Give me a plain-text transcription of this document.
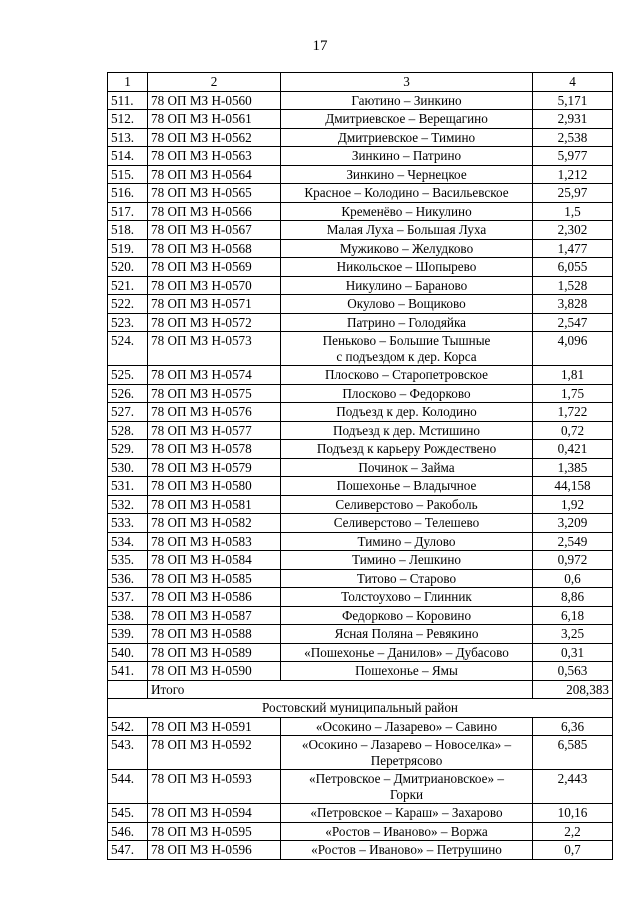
17
1	2	3	4
511.	78 ОП МЗ Н-0560	Гаютино – Зинкино	5,171
512.	78 ОП МЗ Н-0561	Дмитриевское – Верещагино	2,931
513.	78 ОП МЗ Н-0562	Дмитриевское – Тимино	2,538
514.	78 ОП МЗ Н-0563	Зинкино – Патрино	5,977
515.	78 ОП МЗ Н-0564	Зинкино – Чернецкое	1,212
516.	78 ОП МЗ Н-0565	Красное – Колодино – Васильевское	25,97
517.	78 ОП МЗ Н-0566	Кременёво – Никулино	1,5
518.	78 ОП МЗ Н-0567	Малая Луха – Большая Луха	2,302
519.	78 ОП МЗ Н-0568	Мужиково – Желудково	1,477
520.	78 ОП МЗ Н-0569	Никольское – Шопырево	6,055
521.	78 ОП МЗ Н-0570	Никулино – Бараново	1,528
522.	78 ОП МЗ Н-0571	Окулово – Вощиково	3,828
523.	78 ОП МЗ Н-0572	Патрино – Голодяйка	2,547
524.	78 ОП МЗ Н-0573	Пеньково – Большие Тышные
с подъездом к дер. Корса	4,096
525.	78 ОП МЗ Н-0574	Плосково – Старопетровское	1,81
526.	78 ОП МЗ Н-0575	Плосково – Федорково	1,75
527.	78 ОП МЗ Н-0576	Подъезд к дер. Колодино	1,722
528.	78 ОП МЗ Н-0577	Подъезд к дер. Мстишино	0,72
529.	78 ОП МЗ Н-0578	Подъезд к карьеру Рождествено	0,421
530.	78 ОП МЗ Н-0579	Починок – Займа	1,385
531.	78 ОП МЗ Н-0580	Пошехонье – Владычное	44,158
532.	78 ОП МЗ Н-0581	Селиверстово – Ракоболь	1,92
533.	78 ОП МЗ Н-0582	Селиверстово – Телешево	3,209
534.	78 ОП МЗ Н-0583	Тимино – Дулово	2,549
535.	78 ОП МЗ Н-0584	Тимино – Лешкино	0,972
536.	78 ОП МЗ Н-0585	Титово – Старово	0,6
537.	78 ОП МЗ Н-0586	Толстоухово – Глинник	8,86
538.	78 ОП МЗ Н-0587	Федорково – Коровино	6,18
539.	78 ОП МЗ Н-0588	Ясная Поляна – Ревякино	3,25
540.	78 ОП МЗ Н-0589	«Пошехонье – Данилов» – Дубасово	0,31
541.	78 ОП МЗ Н-0590	Пошехонье – Ямы	0,563
	Итого		208,383
Ростовский муниципальный район			
542.	78 ОП МЗ Н-0591	«Осокино – Лазарево» – Савино	6,36
543.	78 ОП МЗ Н-0592	«Осокино – Лазарево – Новоселка» –
Перетрясово	6,585
544.	78 ОП МЗ Н-0593	«Петровское – Дмитриановское» –
Горки	2,443
545.	78 ОП МЗ Н-0594	«Петровское – Караш» – Захарово	10,16
546.	78 ОП МЗ Н-0595	«Ростов – Иваново» – Воржа	2,2
547.	78 ОП МЗ Н-0596	«Ростов – Иваново» – Петрушино	0,7
